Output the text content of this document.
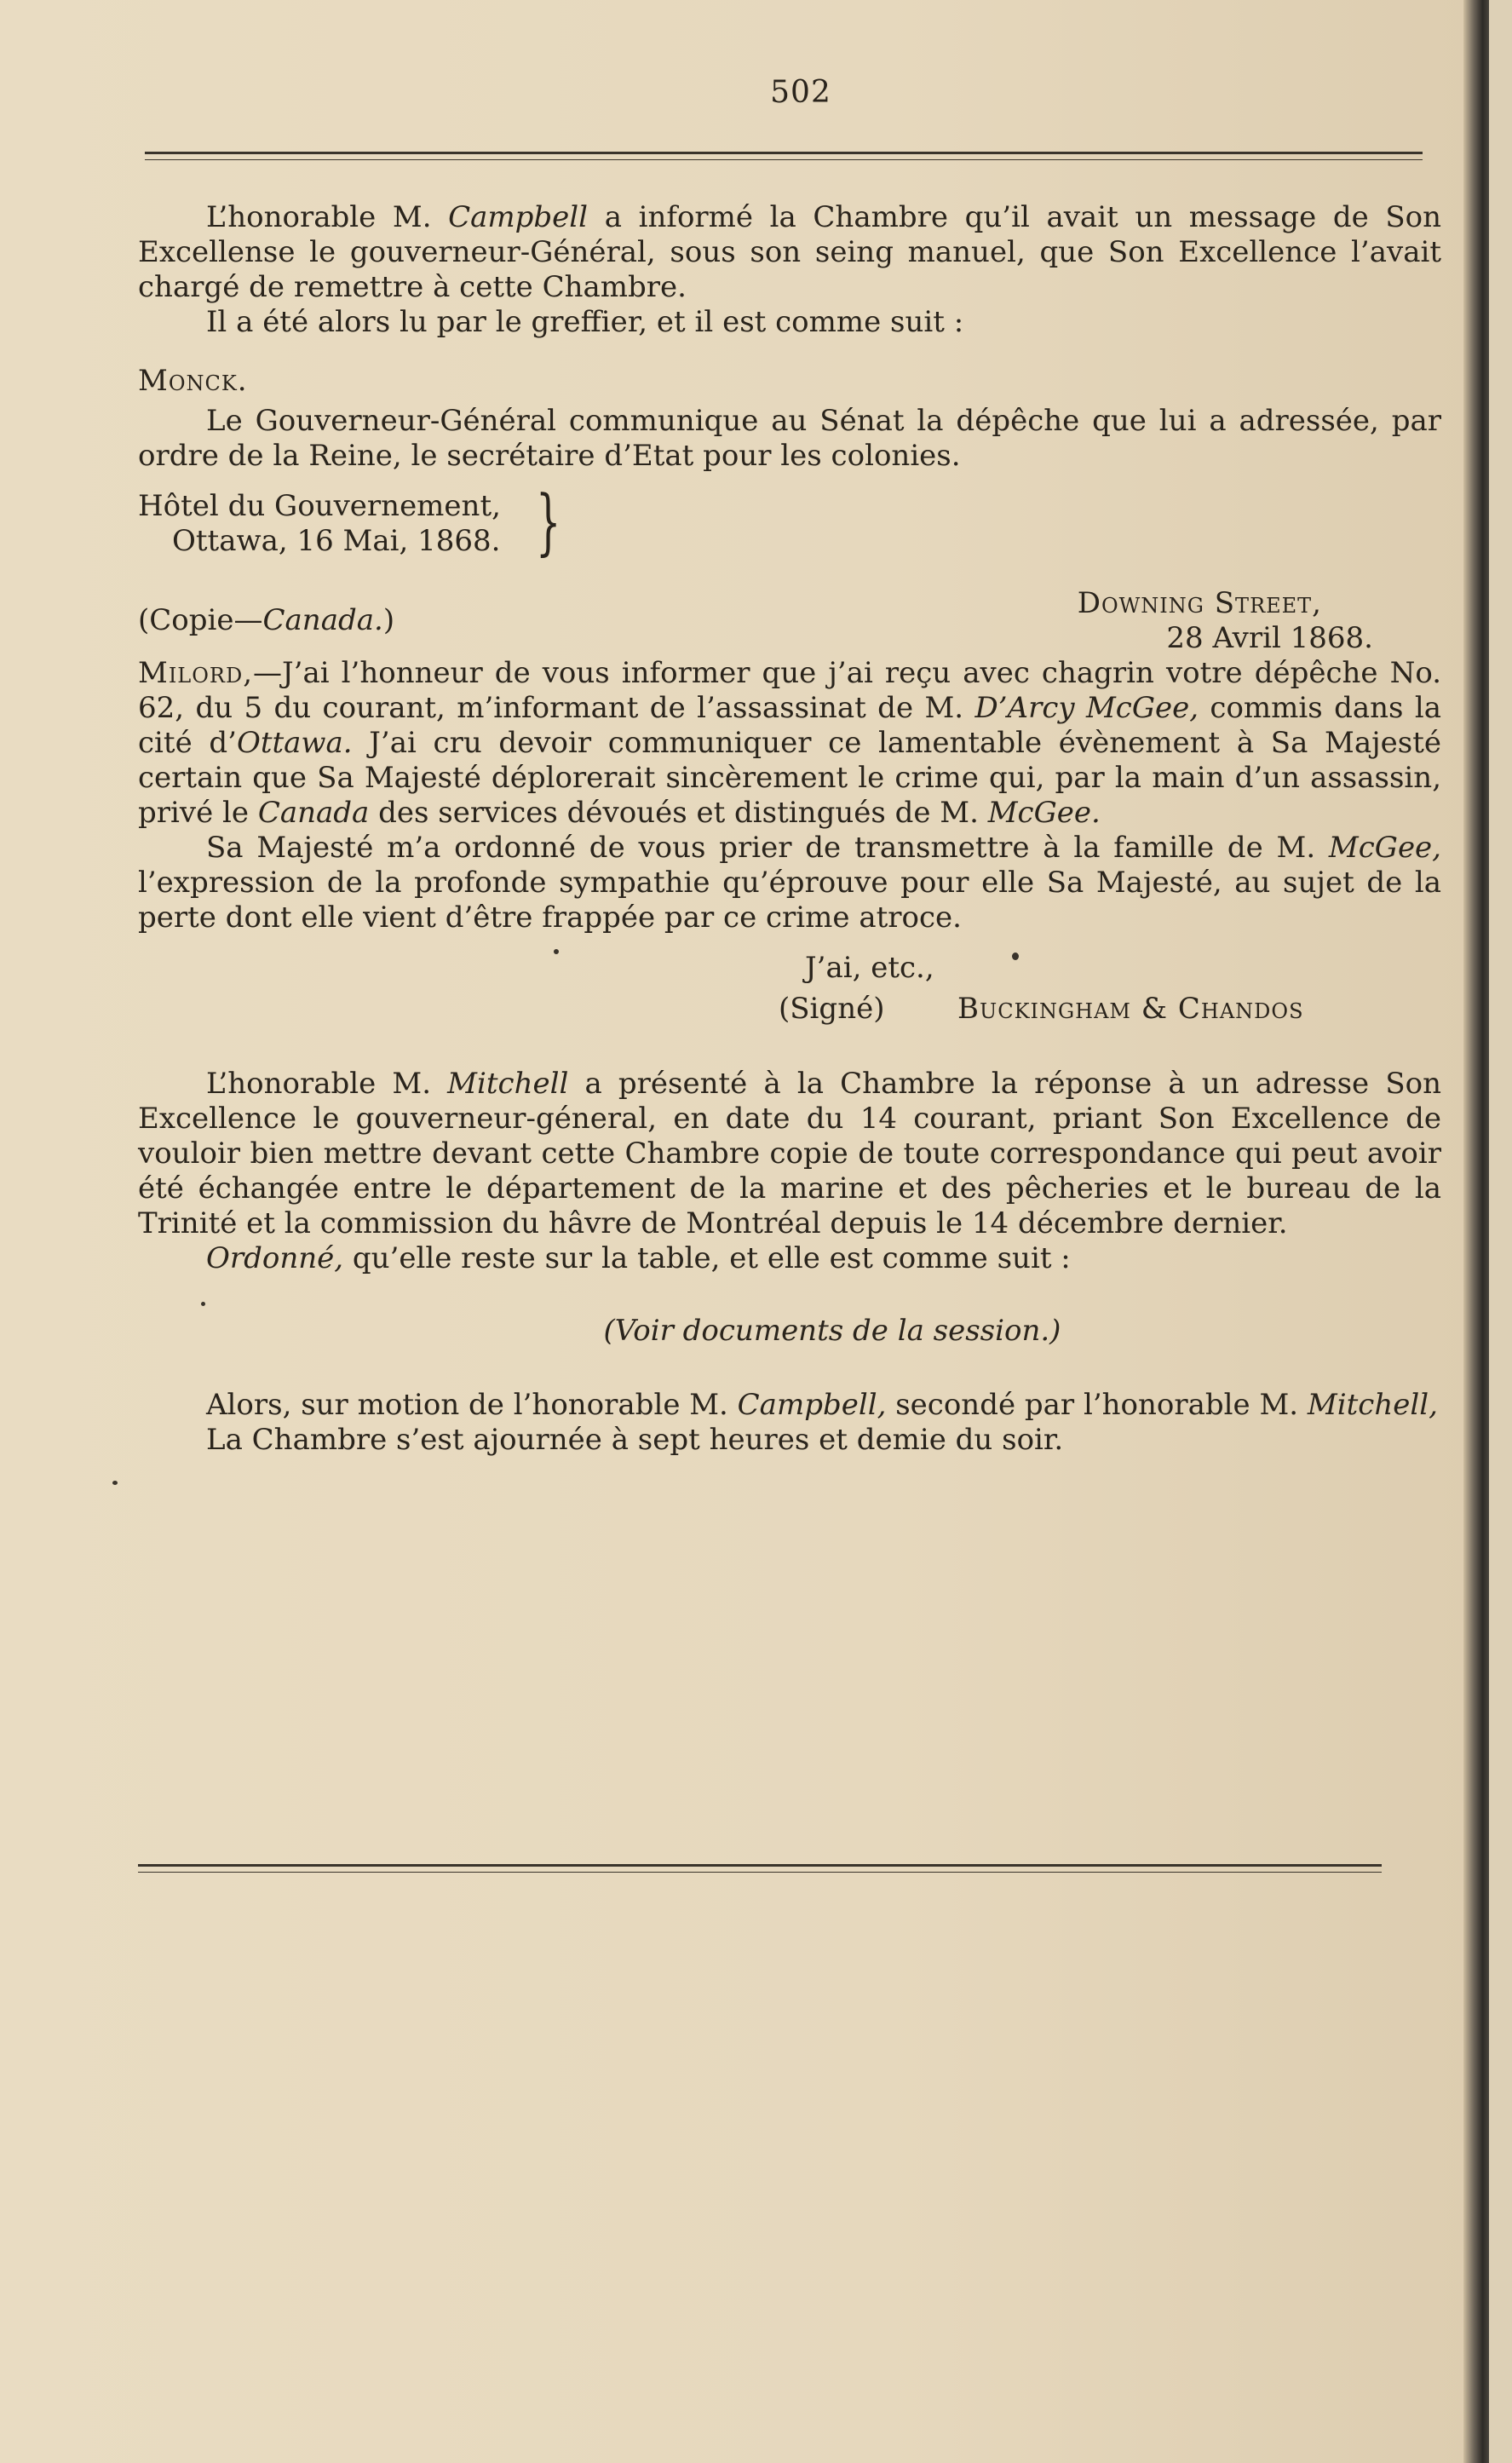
502

L’honorable M. Campbell a informé la Chambre qu’il avait un message de Son Excellense le gouverneur-Général, sous son seing manuel, que Son Excellence l’avait chargé de remettre à cette Chambre.

Il a été alors lu par le greffier, et il est comme suit :

Monck.

Le Gouverneur-Général communique au Sénat la dépêche que lui a adressée, par ordre de la Reine, le secrétaire d’Etat pour les colonies.

Hôtel du Gouvernement,

Ottawa, 16 Mai, 1868. }
Downing Street,
28 Avril 1868.
(Copie—Canada.)

Milord,—J’ai l’honneur de vous informer que j’ai reçu avec chagrin votre dépêche No. 62, du 5 du courant, m’informant de l’assassinat de M. D’Arcy McGee, commis dans la cité d’Ottawa. J’ai cru devoir communiquer ce lamentable évènement à Sa Majesté certain que Sa Majesté déplorerait sincèrement le crime qui, par la main d’un assassin, privé le Canada des services dévoués et distingués de M. McGee.

Sa Majesté m’a ordonné de vous prier de transmettre à la famille de M. McGee, l’expression de la profonde sympathie qu’éprouve pour elle Sa Majesté, au sujet de la perte dont elle vient d’être frappée par ce crime atroce.

J’ai, etc.,
(Signé)	Buckingham & Chandos

L’honorable M. Mitchell a présenté à la Chambre la réponse à un adresse Son Excellence le gouverneur-géneral, en date du 14 courant, priant Son Excellence de vouloir bien mettre devant cette Chambre copie de toute correspondance qui peut avoir été échangée entre le département de la marine et des pêcheries et le bureau de la Trinité et la commission du hâvre de Montréal depuis le 14 décembre dernier.

Ordonné, qu’elle reste sur la table, et elle est comme suit :

(Voir documents de la session.)

Alors, sur motion de l’honorable M. Campbell, secondé par l’honorable M. Mitchell,

La Chambre s’est ajournée à sept heures et demie du soir.
